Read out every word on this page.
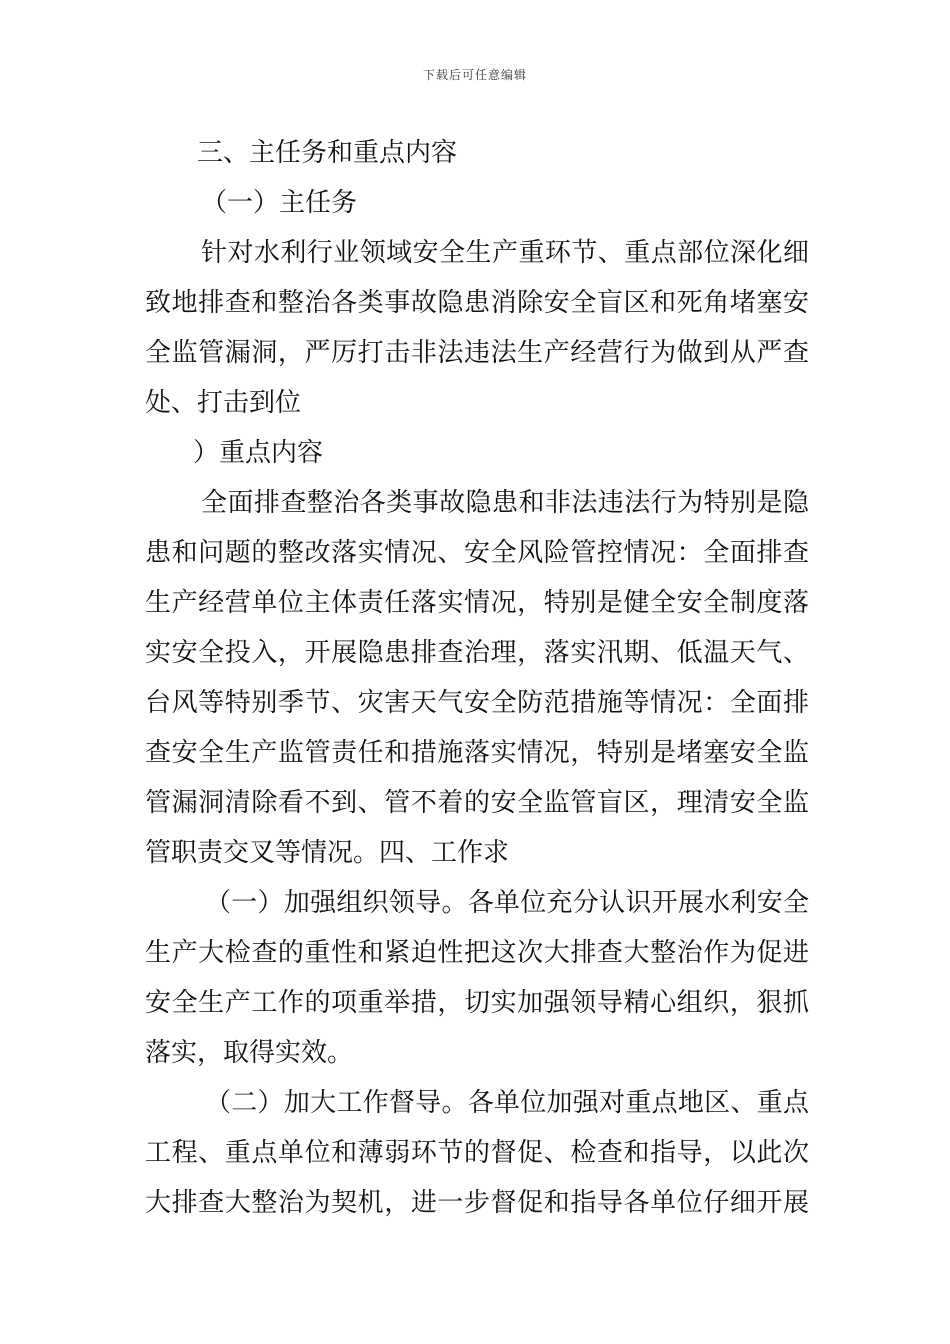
下载后可任意编辑
三、主任务和重点内容
（一）主任务
针对水利行业领域安全生产重环节、重点部位深化细
致地排查和整治各类事故隐患消除安全盲区和死角堵塞安
全监管漏洞，严厉打击非法违法生产经营行为做到从严查
处、打击到位
）重点内容
全面排查整治各类事故隐患和非法违法行为特别是隐
患和问题的整改落实情况、安全风险管控情况：全面排查
生产经营单位主体责任落实情况，特别是健全安全制度落
实安全投入，开展隐患排查治理，落实汛期、低温天气、
台风等特别季节、灾害天气安全防范措施等情况：全面排
查安全生产监管责任和措施落实情况，特别是堵塞安全监
管漏洞清除看不到、管不着的安全监管盲区，理清安全监
管职责交叉等情况。四、工作求
（一）加强组织领导。各单位充分认识开展水利安全
生产大检查的重性和紧迫性把这次大排查大整治作为促进
安全生产工作的项重举措，切实加强领导精心组织，狠抓
落实，取得实效。
（二）加大工作督导。各单位加强对重点地区、重点
工程、重点单位和薄弱环节的督促、检查和指导，以此次
大排查大整治为契机，进一步督促和指导各单位仔细开展
